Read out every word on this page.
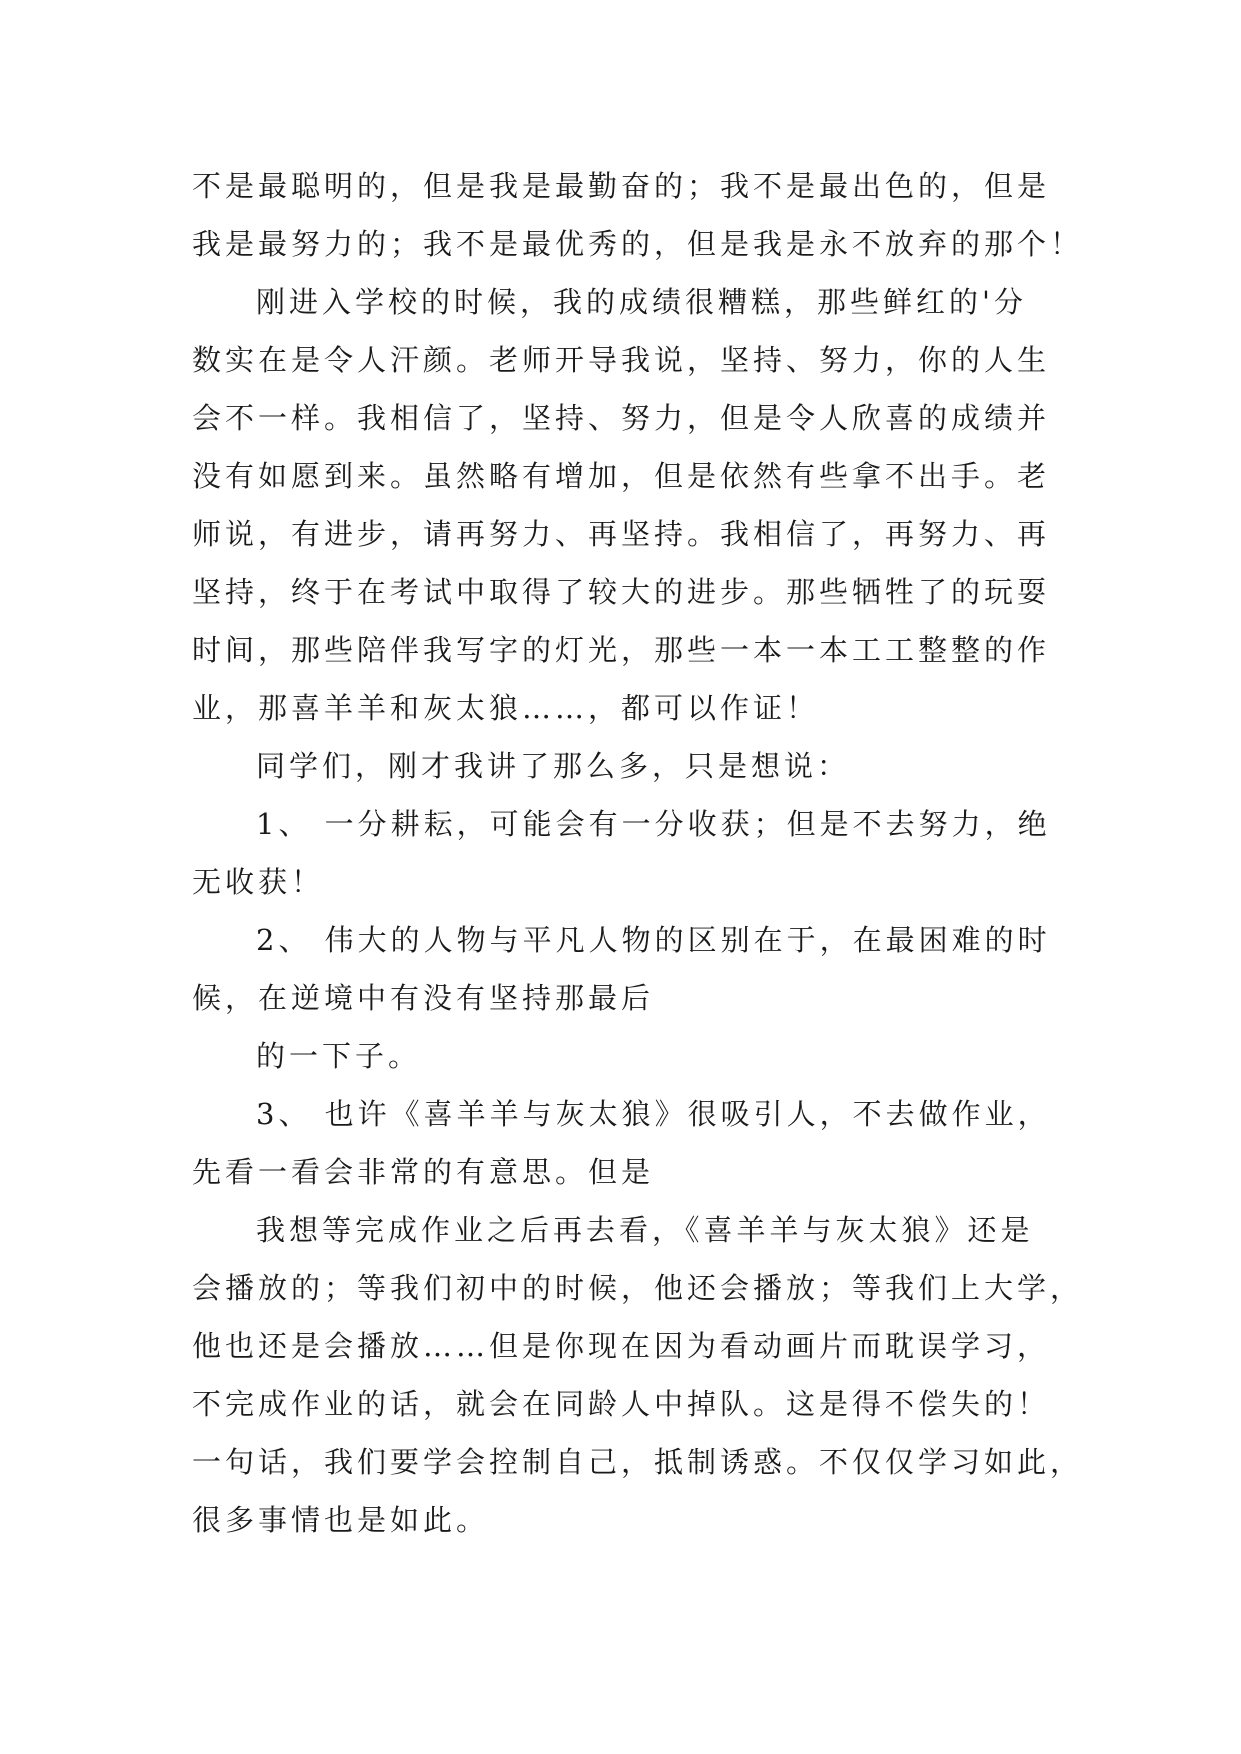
不是最聪明的，但是我是最勤奋的；我不是最出色的，但是

我是最努力的；我不是最优秀的，但是我是永不放弃的那个！

刚进入学校的时候，我的成绩很糟糕，那些鲜红的'分

数实在是令人汗颜。老师开导我说，坚持、努力，你的人生

会不一样。我相信了，坚持、努力，但是令人欣喜的成绩并

没有如愿到来。虽然略有增加，但是依然有些拿不出手。老

师说，有进步，请再努力、再坚持。我相信了，再努力、再

坚持，终于在考试中取得了较大的进步。那些牺牲了的玩耍

时间，那些陪伴我写字的灯光，那些一本一本工工整整的作

业，那喜羊羊和灰太狼……，都可以作证！

同学们，刚才我讲了那么多，只是想说：

1、 一分耕耘，可能会有一分收获；但是不去努力，绝

无收获！

2、 伟大的人物与平凡人物的区别在于，在最困难的时

候，在逆境中有没有坚持那最后

的一下子。

3、 也许《喜羊羊与灰太狼》很吸引人，不去做作业，

先看一看会非常的有意思。但是

我想等完成作业之后再去看，《喜羊羊与灰太狼》还是

会播放的；等我们初中的时候，他还会播放；等我们上大学，

他也还是会播放……但是你现在因为看动画片而耽误学习，

不完成作业的话，就会在同龄人中掉队。这是得不偿失的！

一句话，我们要学会控制自己，抵制诱惑。不仅仅学习如此，

很多事情也是如此。
